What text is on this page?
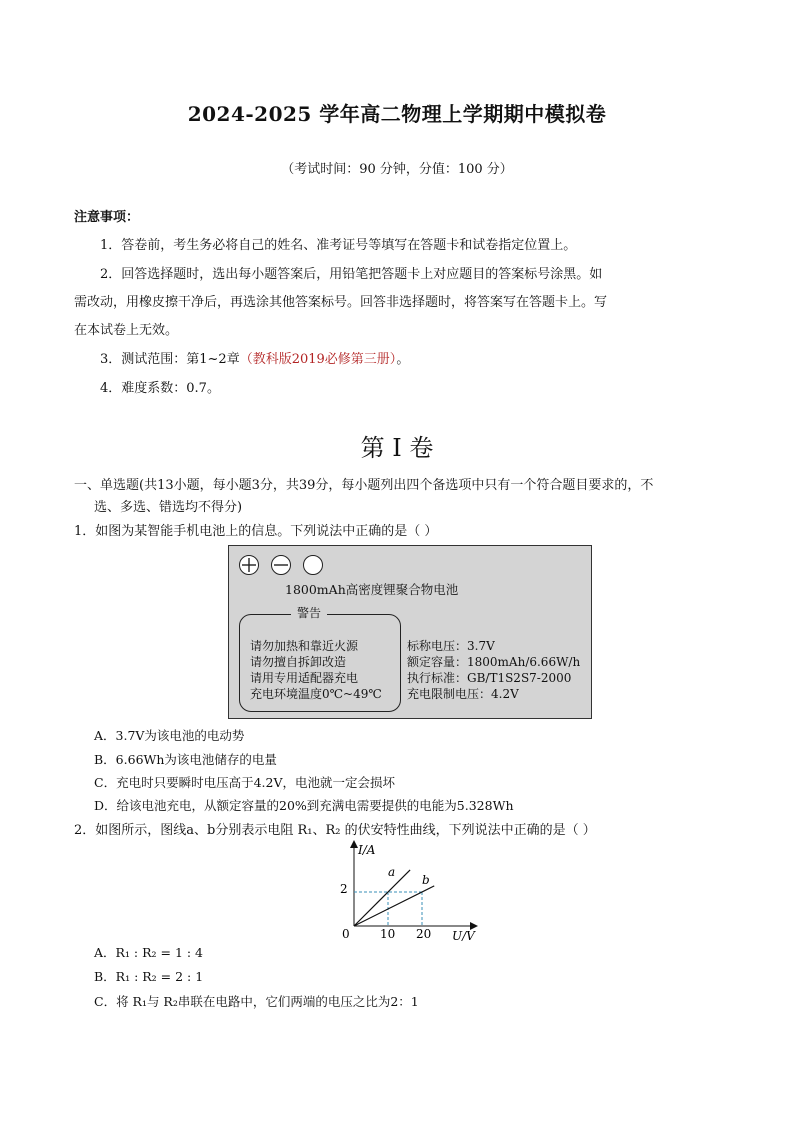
2024-2025 学年高二物理上学期期中模拟卷
（考试时间：90 分钟，分值：100 分）
注意事项：
1．答卷前，考生务必将自己的姓名、准考证号等填写在答题卡和试卷指定位置上。
2．回答选择题时，选出每小题答案后，用铅笔把答题卡上对应题目的答案标号涂黑。如
需改动，用橡皮擦干净后，再选涂其他答案标号。回答非选择题时，将答案写在答题卡上。写
在本试卷上无效。
3．测试范围：第1~2章（教科版2019必修第三册）。
4．难度系数：0.7。
第 I 卷
一、单选题(共13小题，每小题3分，共39分，每小题列出四个备选项中只有一个符合题目要求的，不
选、多选、错选均不得分)
1．如图为某智能手机电池上的信息。下列说法中正确的是（ ）
1800mAh高密度锂聚合物电池
警告
请勿加热和靠近火源
请勿擅自拆卸改造
请用专用适配器充电
充电环境温度0℃~49℃
标称电压：3.7V
额定容量：1800mAh/6.66W/h
执行标准：GB/T1S2S7-2000
充电限制电压：4.2V
A．3.7V为该电池的电动势
B．6.66Wh为该电池储存的电量
C．充电时只要瞬时电压高于4.2V，电池就一定会损坏
D．给该电池充电，从额定容量的20%到充满电需要提供的电能为5.328Wh
2．如图所示，图线a、b分别表示电阻 R₁、R₂ 的伏安特性曲线，下列说法中正确的是（ ）
I/A
U/V
0
2
10 20
a
b
A．R₁ : R₂ = 1 : 4
B．R₁ : R₂ = 2 : 1
C．将 R₁与 R₂串联在电路中，它们两端的电压之比为2：1
